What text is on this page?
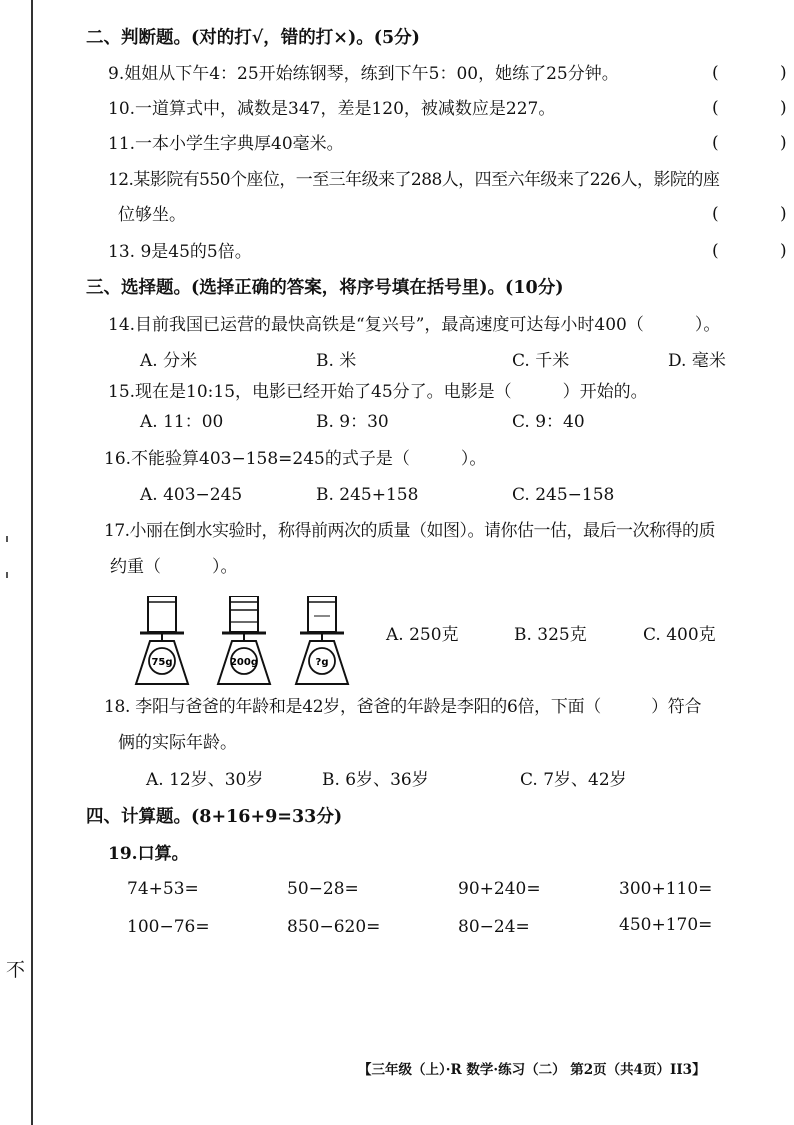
不
二、判断题。(对的打√，错的打×)。(5分)
9.姐姐从下午4：25开始练钢琴，练到下午5：00，她练了25分钟。	(	)
10.一道算式中，减数是347，差是120，被减数应是227。	(	)
11.一本小学生字典厚40毫米。	(	)
12.某影院有550个座位，一至三年级来了288人，四至六年级来了226人，影院的座
位够坐。	(	)
13. 9是45的5倍。	(	)
三、选择题。(选择正确的答案，将序号填在括号里)。(10分)
14.目前我国已运营的最快高铁是“复兴号”，最高速度可达每小时400（　　　）。
A. 分米	B. 米	C. 千米	D. 毫米
15.现在是10:15，电影已经开始了45分了。电影是（　　　）开始的。
A. 11：00	B. 9：30	C. 9：40
16.不能验算403−158=245的式子是（　　　）。
A. 403−245	B. 245+158	C. 245−158
17.小丽在倒水实验时，称得前两次的质量（如图）。请你估一估，最后一次称得的质
约重（　　　）。
75g	200g	?g
A. 250克	B. 325克	C. 400克
18. 李阳与爸爸的年龄和是42岁，爸爸的年龄是李阳的6倍，下面（　　　）符合
俩的实际年龄。
A. 12岁、30岁	B. 6岁、36岁	C. 7岁、42岁
四、计算题。(8+16+9=33分)
19.口算。
74+53=	50−28=	90+240=	300+110=
100−76=	850−620=	80−24=	450+170=
【三年级（上）·R 数学·练习（二） 第2页（共4页）II3】
